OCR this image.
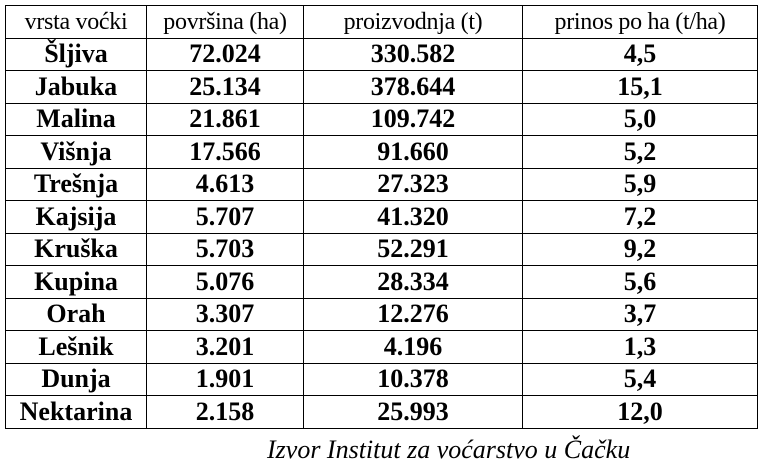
vrsta voćki	površina (ha)	proizvodnja (t)	prinos po ha (t/ha)
Šljiva	72.024	330.582	4,5
Jabuka	25.134	378.644	15,1
Malina	21.861	109.742	5,0
Višnja	17.566	91.660	5,2
Trešnja	4.613	27.323	5,9
Kajsija	5.707	41.320	7,2
Kruška	5.703	52.291	9,2
Kupina	5.076	28.334	5,6
Orah	3.307	12.276	3,7
Lešnik	3.201	4.196	1,3
Dunja	1.901	10.378	5,4
Nektarina	2.158	25.993	12,0
Izvor Institut za voćarstvo u Čačku
